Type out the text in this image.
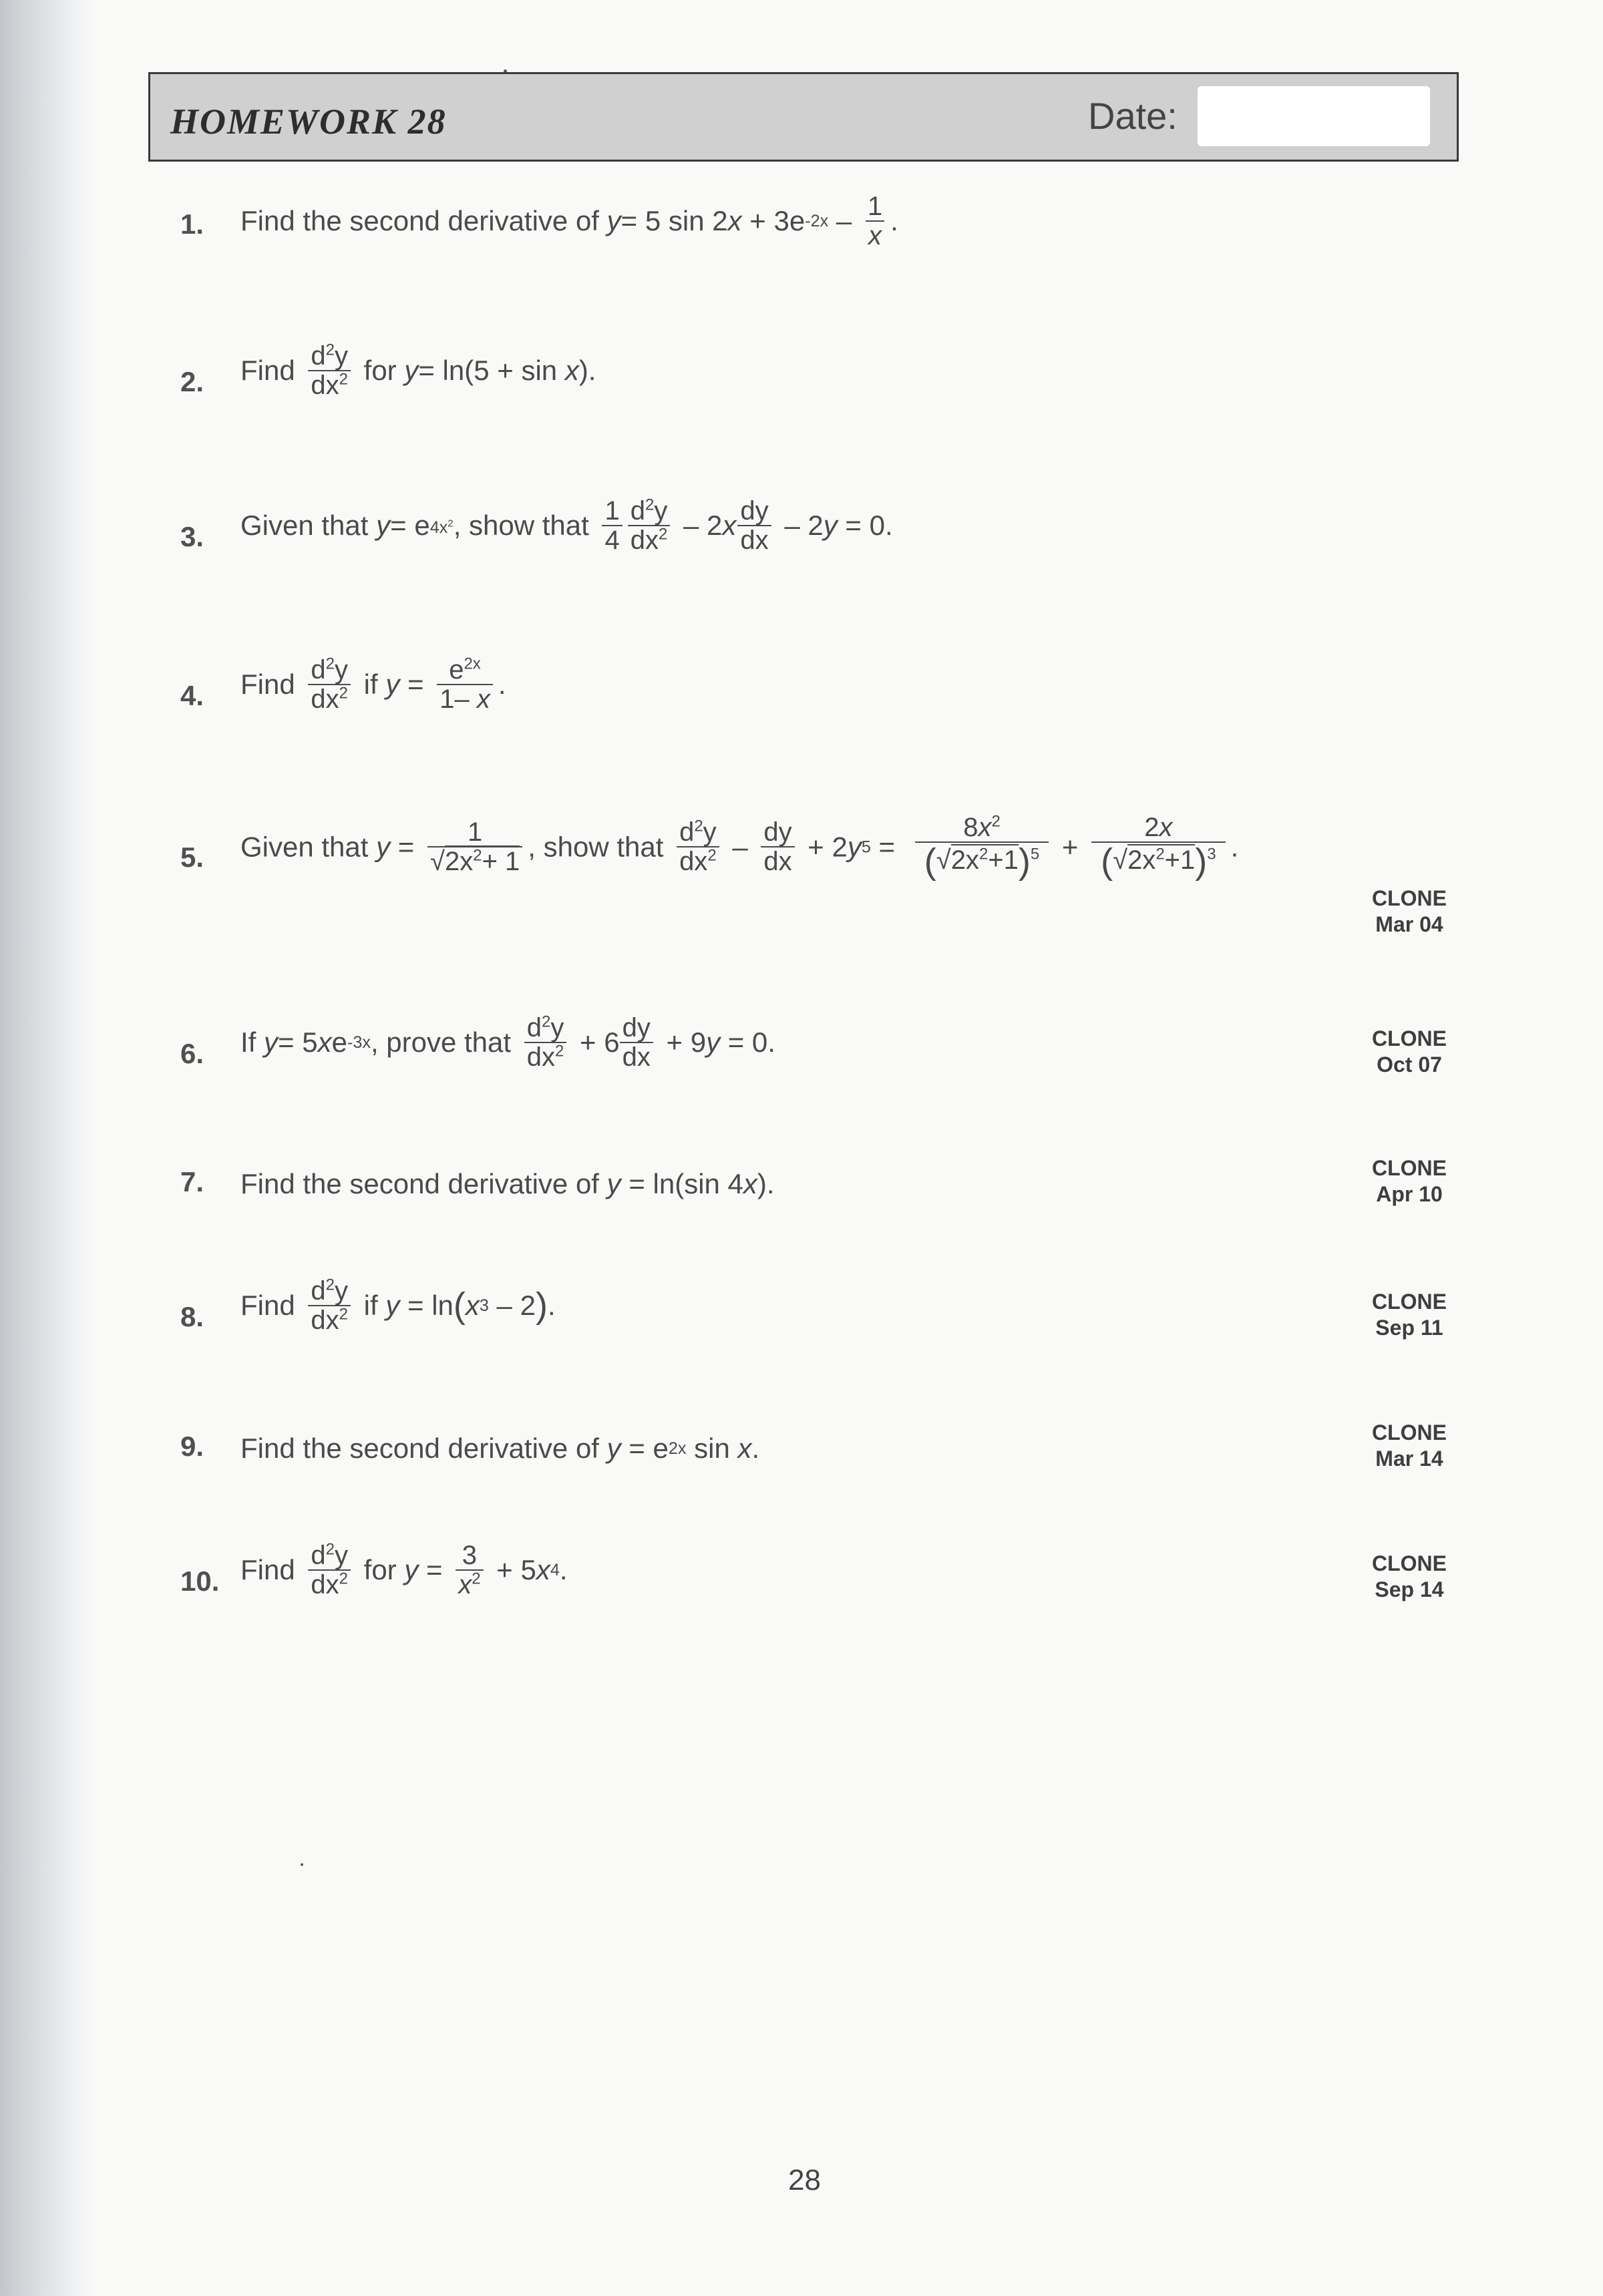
HOMEWORK 28	Date:
1.	Find the second derivative of y= 5 $\sin 2x + 3e-2x - \frac{1}{x}$ .
2.	Find $\frac{d^2y}{dx^2}$ for y= ln(5 + sin x).
3.	Given that $y= e4x^2$, show that $\frac{1}{4} \frac{d^2y}{dx^2} - 2x \frac{dy}{dx} - 2y = 0$.
4.	Find $\frac{d^2y}{dx^2}$ if $y = \frac{e^{2x}}{1- x}$ .
5.	Given that $y = \frac{1}{√2x^2+ 1}$ , show that $\frac{d^2y}{dx^2} - \frac{dy}{dx} + 2y5 = \frac{8x^2}{(√2x^2+1)^5} + \frac{2x}{(√2x^2+1)^3}$ .
CLONE
Mar 04
6.	If y= 5xe-3x, prove that $\frac{d^2y}{dx^2} + 6 \frac{dy}{dx} + 9y = 0$.	CLONE
Oct 07
7.	Find the second derivative of y = ln(sin 4x).	CLONE
Apr 10
8.	Find $\frac{d^2y}{dx^2}$ if y = ln(x3 – 2).	CLONE
Sep 11
9.	Find the second derivative of y = e2x sin x.	CLONE
Mar 14
10. Find $\frac{d^2y}{dx^2}$ for $y = \frac{3}{x^2} + 5x4$.	CLONE
Sep 14
28
